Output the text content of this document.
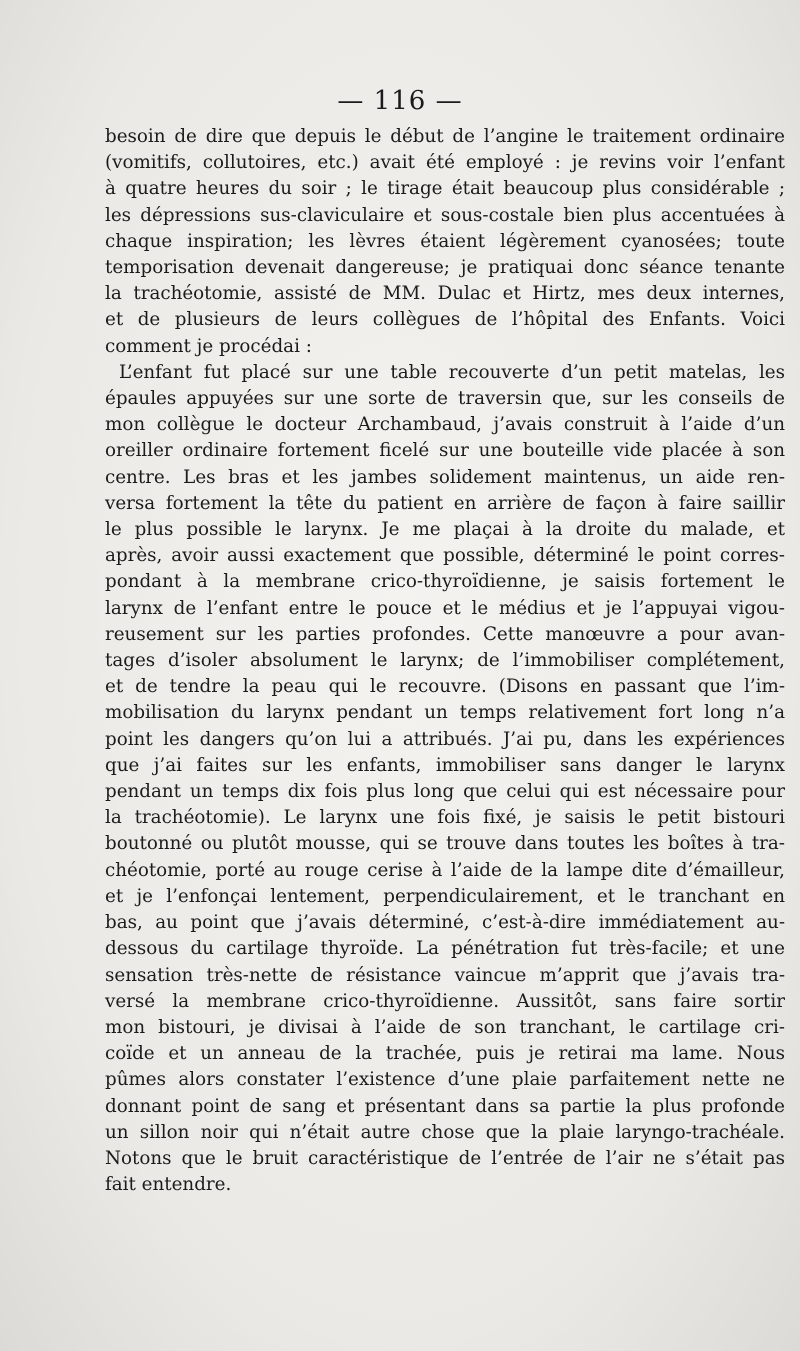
— 116 —
besoin de dire que depuis le début de l’angine le traitement ordinaire
(vomitifs, collutoires, etc.) avait été employé : je revins voir l’enfant
à quatre heures du soir ; le tirage était beaucoup plus considérable ;
les dépressions sus-claviculaire et sous-costale bien plus accentuées à
chaque inspiration; les lèvres étaient légèrement cyanosées; toute
temporisation devenait dangereuse; je pratiquai donc séance tenante
la trachéotomie, assisté de MM. Dulac et Hirtz, mes deux internes,
et de plusieurs de leurs collègues de l’hôpital des Enfants. Voici
comment je procédai :
L’enfant fut placé sur une table recouverte d’un petit matelas, les
épaules appuyées sur une sorte de traversin que, sur les conseils de
mon collègue le docteur Archambaud, j’avais construit à l’aide d’un
oreiller ordinaire fortement ficelé sur une bouteille vide placée à son
centre. Les bras et les jambes solidement maintenus, un aide ren-
versa fortement la tête du patient en arrière de façon à faire saillir
le plus possible le larynx. Je me plaçai à la droite du malade, et
après, avoir aussi exactement que possible, déterminé le point corres-
pondant à la membrane crico-thyroïdienne, je saisis fortement le
larynx de l’enfant entre le pouce et le médius et je l’appuyai vigou-
reusement sur les parties profondes. Cette manœuvre a pour avan-
tages d’isoler absolument le larynx; de l’immobiliser complétement,
et de tendre la peau qui le recouvre. (Disons en passant que l’im-
mobilisation du larynx pendant un temps relativement fort long n’a
point les dangers qu’on lui a attribués. J’ai pu, dans les expériences
que j’ai faites sur les enfants, immobiliser sans danger le larynx
pendant un temps dix fois plus long que celui qui est nécessaire pour
la trachéotomie). Le larynx une fois fixé, je saisis le petit bistouri
boutonné ou plutôt mousse, qui se trouve dans toutes les boîtes à tra-
chéotomie, porté au rouge cerise à l’aide de la lampe dite d’émailleur,
et je l’enfonçai lentement, perpendiculairement, et le tranchant en
bas, au point que j’avais déterminé, c’est-à-dire immédiatement au-
dessous du cartilage thyroïde. La pénétration fut très-facile; et une
sensation très-nette de résistance vaincue m’apprit que j’avais tra-
versé la membrane crico-thyroïdienne. Aussitôt, sans faire sortir
mon bistouri, je divisai à l’aide de son tranchant, le cartilage cri-
coïde et un anneau de la trachée, puis je retirai ma lame. Nous
pûmes alors constater l’existence d’une plaie parfaitement nette ne
donnant point de sang et présentant dans sa partie la plus profonde
un sillon noir qui n’était autre chose que la plaie laryngo-trachéale.
Notons que le bruit caractéristique de l’entrée de l’air ne s’était pas
fait entendre.
